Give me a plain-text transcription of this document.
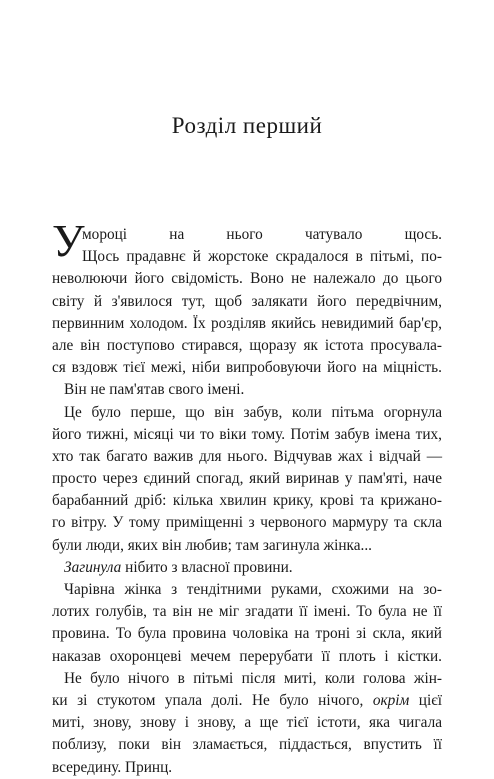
Розділ перший
У
мороці на нього чатувало щось.
Щось прадавнє й жорстоке скрадалося в пітьмі, по-
неволюючи його свідомість. Воно не належало до цього
світу й з'явилося тут, щоб залякати його передвічним,
первинним холодом. Їх розділяв якийсь невидимий бар'єр,
але він поступово стирався, щоразу як істота просувала-
ся вздовж тієї межі, ніби випробовуючи його на міцність.
Він не пам'ятав свого імені.
Це було перше, що він забув, коли пітьма огорнула
його тижні, місяці чи то віки тому. Потім забув імена тих,
хто так багато важив для нього. Відчував жах і відчай —
просто через єдиний спогад, який виринав у пам'яті, наче
барабанний дріб: кілька хвилин крику, крові та крижано-
го вітру. У тому приміщенні з червоного мармуру та скла
були люди, яких він любив; там загинула жінка...
Загинула нібито з власної провини.
Чарівна жінка з тендітними руками, схожими на зо-
лотих голубів, та він не міг згадати її імені. То була не її
провина. То була провина чоловіка на троні зі скла, який
наказав охоронцеві мечем перерубати її плоть і кістки.
Не було нічого в пітьмі після миті, коли голова жін-
ки зі стукотом упала долі. Не було нічого, окрім цієї
миті, знову, знову і знову, а ще тієї істоти, яка чигала
поблизу, поки він зламається, піддасться, впустить її
всередину. Принц.
